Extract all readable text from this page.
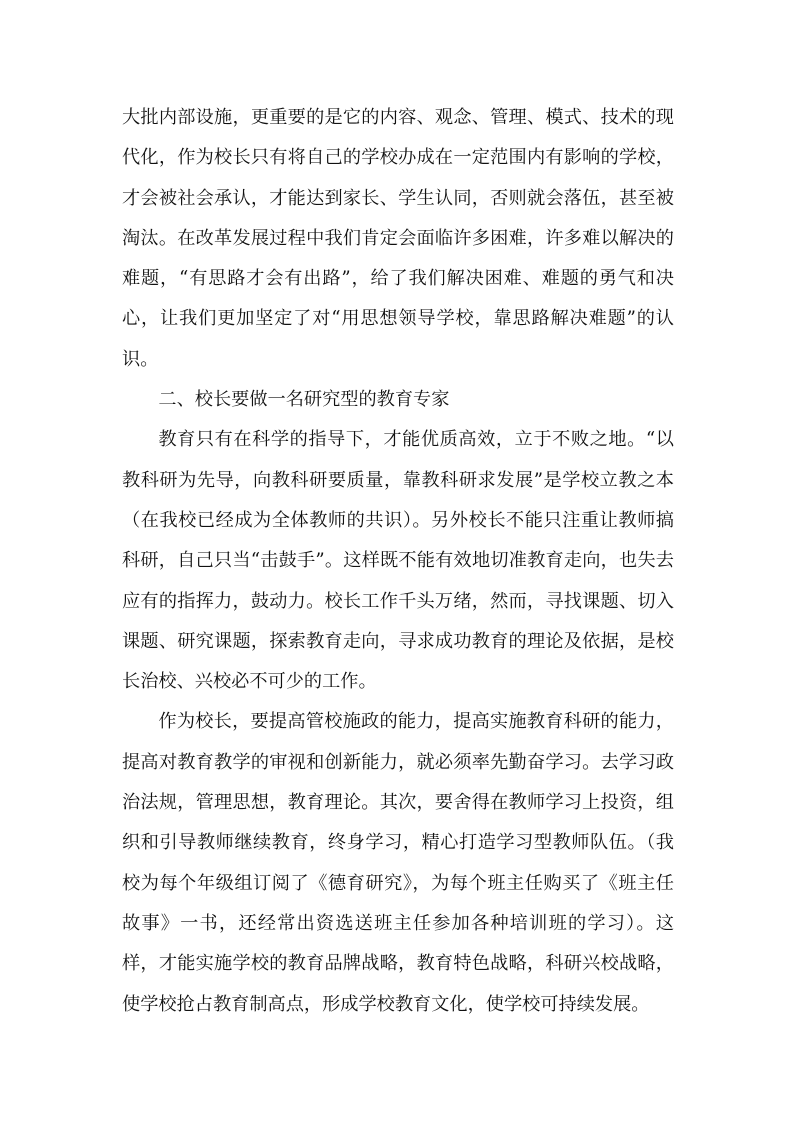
大批内部设施，更重要的是它的内容、观念、管理、模式、技术的现代化，作为校长只有将自己的学校办成在一定范围内有影响的学校，才会被社会承认，才能达到家长、学生认同，否则就会落伍，甚至被淘汰。在改革发展过程中我们肯定会面临许多困难，许多难以解决的难题，“有思路才会有出路”，给了我们解决困难、难题的勇气和决心，让我们更加坚定了对“用思想领导学校，靠思路解决难题”的认识。

二、校长要做一名研究型的教育专家

教育只有在科学的指导下，才能优质高效，立于不败之地。“以教科研为先导，向教科研要质量，靠教科研求发展”是学校立教之本（在我校已经成为全体教师的共识）。另外校长不能只注重让教师搞科研，自己只当“击鼓手”。这样既不能有效地切准教育走向，也失去应有的指挥力，鼓动力。校长工作千头万绪，然而，寻找课题、切入课题、研究课题，探索教育走向，寻求成功教育的理论及依据，是校长治校、兴校必不可少的工作。

作为校长，要提高管校施政的能力，提高实施教育科研的能力，提高对教育教学的审视和创新能力，就必须率先勤奋学习。去学习政治法规，管理思想，教育理论。其次，要舍得在教师学习上投资，组织和引导教师继续教育，终身学习，精心打造学习型教师队伍。（我校为每个年级组订阅了《德育研究》，为每个班主任购买了《班主任故事》一书，还经常出资选送班主任参加各种培训班的学习）。这样，才能实施学校的教育品牌战略，教育特色战略，科研兴校战略，使学校抢占教育制高点，形成学校教育文化，使学校可持续发展。
